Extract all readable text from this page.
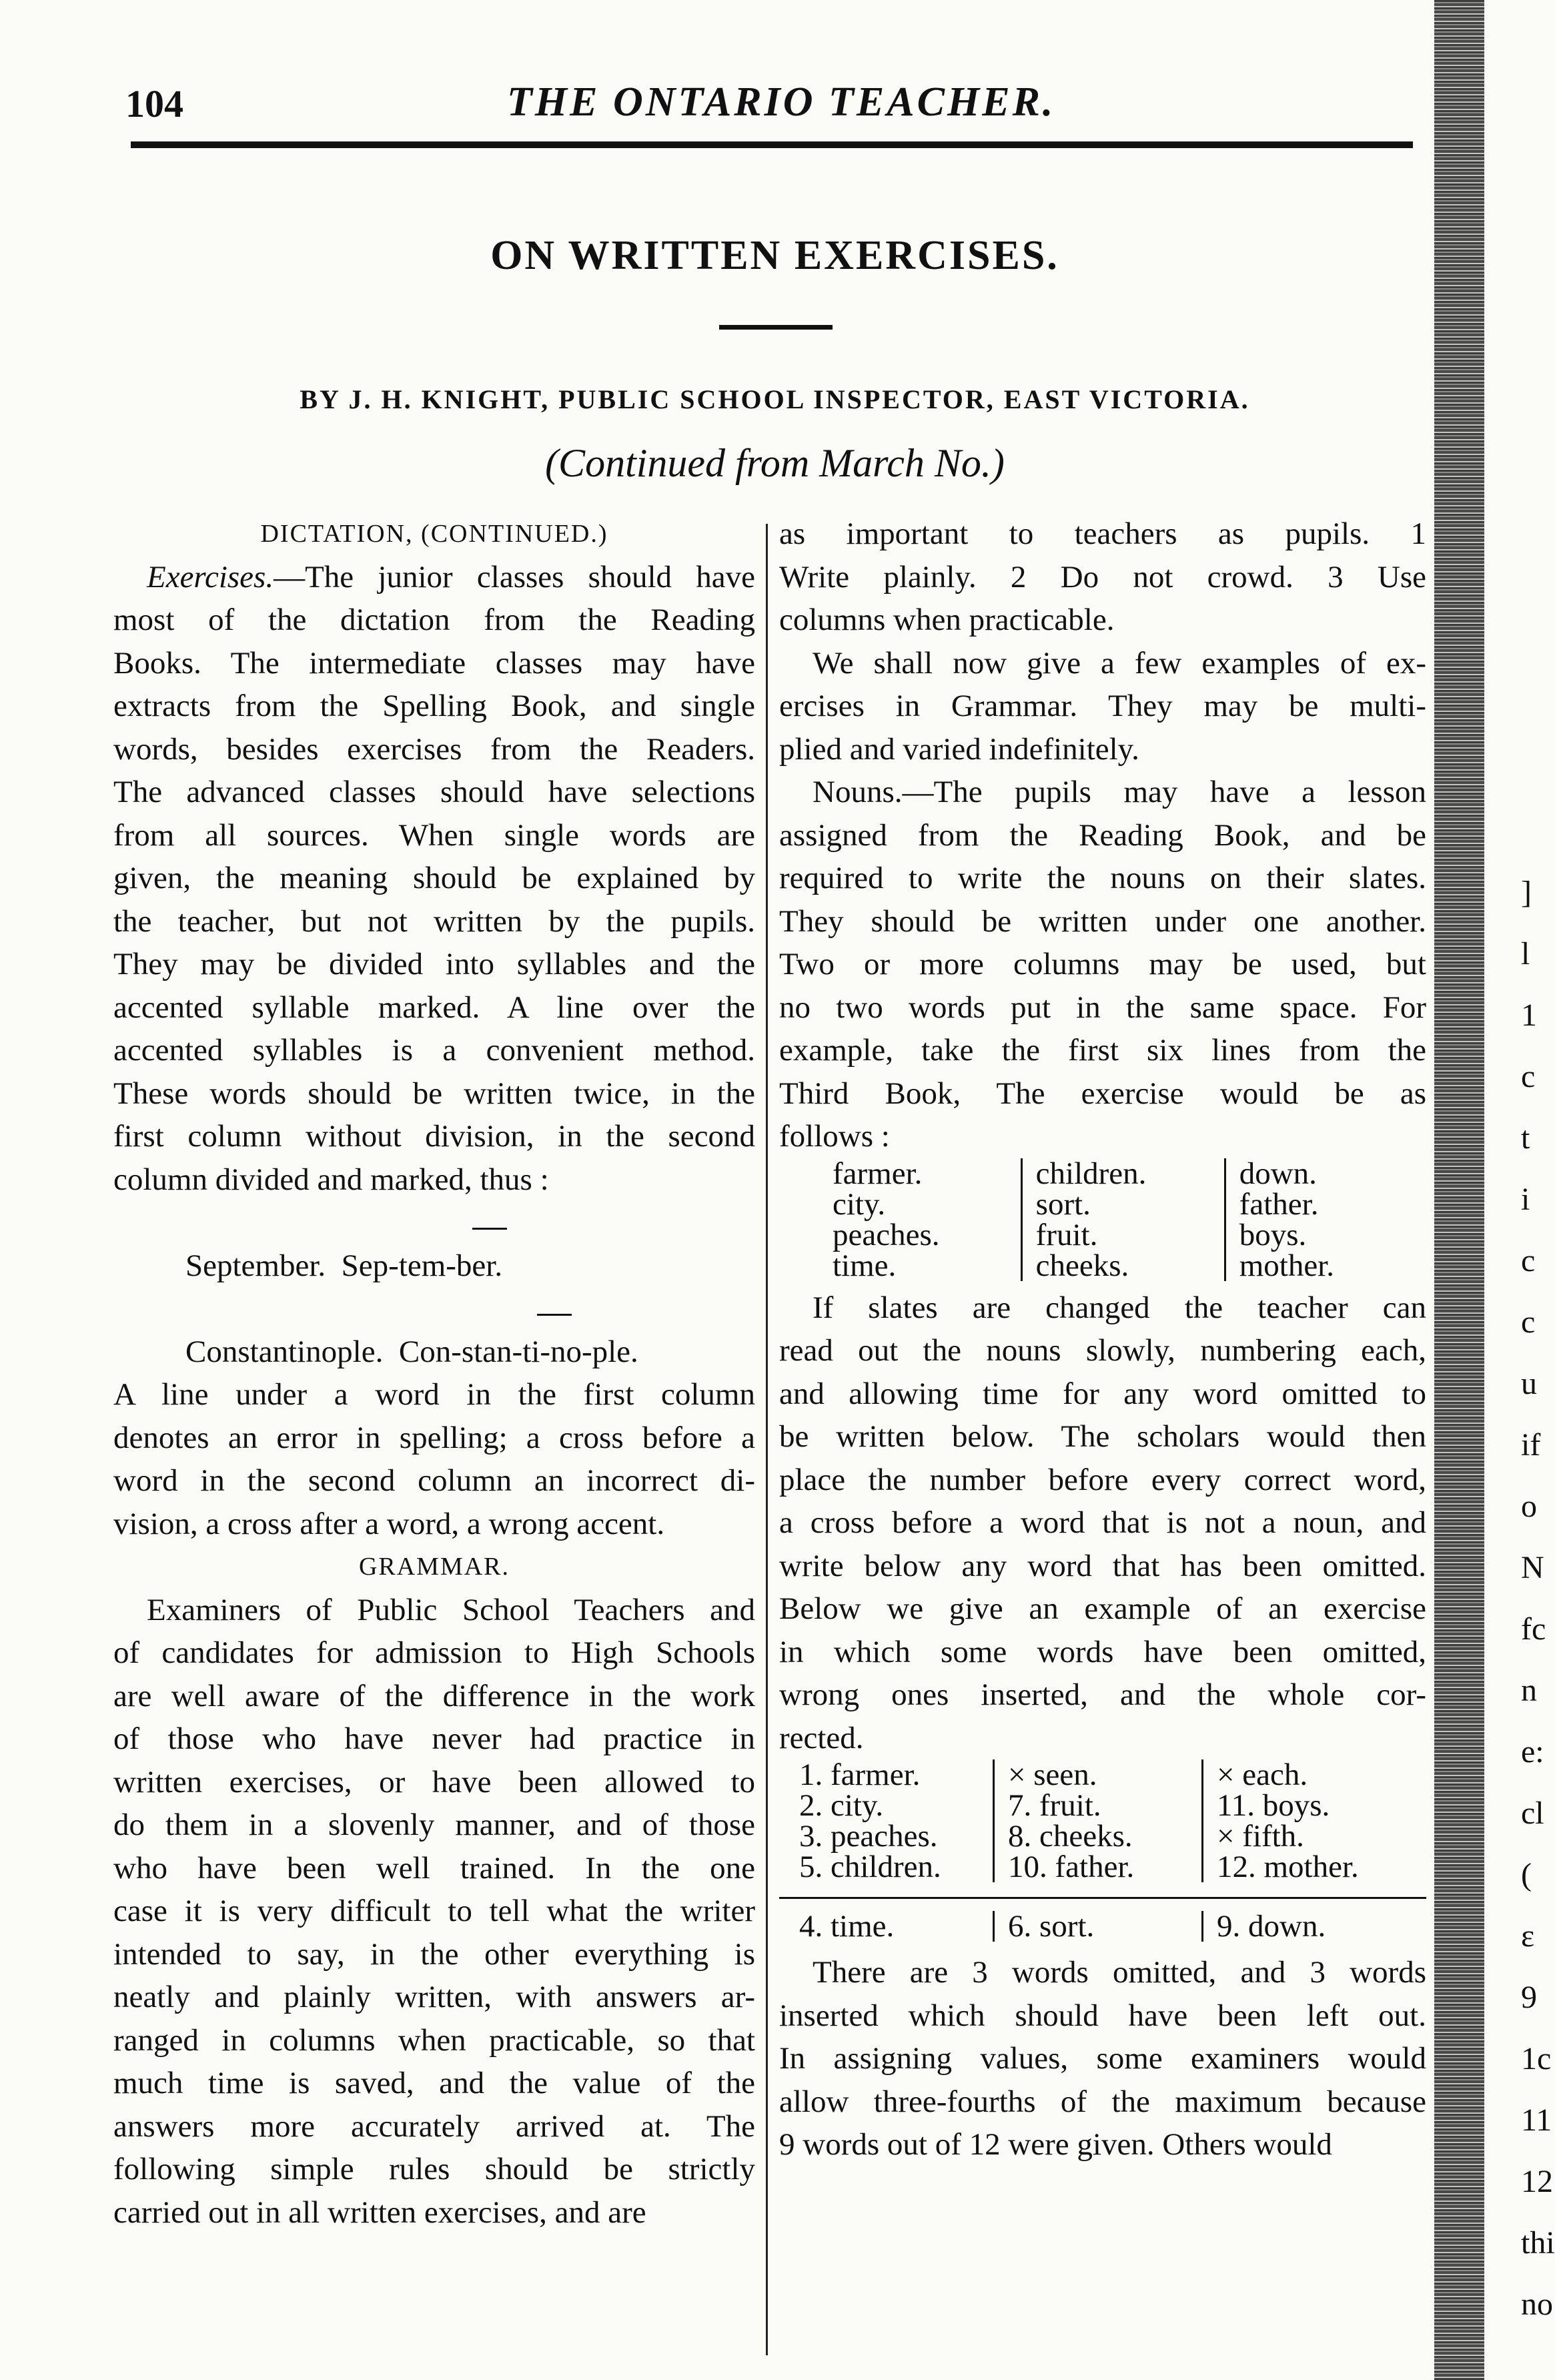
104	THE ONTARIO TEACHER.
ON WRITTEN EXERCISES.
BY J. H. KNIGHT, PUBLIC SCHOOL INSPECTOR, EAST VICTORIA.
(Continued from March No.)
DICTATION, (CONTINUED.)
Exercises.—The junior classes should have
most of the dictation from the Reading
Books. The intermediate classes may have
extracts from the Spelling Book, and single
words, besides exercises from the Readers.
The advanced classes should have selections
from all sources. When single words are
given, the meaning should be explained by
the teacher, but not written by the pupils.
They may be divided into syllables and the
accented syllable marked. A line over the
accented syllables is a convenient method.
These words should be written twice, in the
first column without division, in the second
column divided and marked, thus :
September. Sep-tem-ber.
Constantinople. Con-stan-ti-no-ple.
A line under a word in the first column
denotes an error in spelling; a cross before a
word in the second column an incorrect di-
vision, a cross after a word, a wrong accent.
GRAMMAR.
Examiners of Public School Teachers and
of candidates for admission to High Schools
are well aware of the difference in the work
of those who have never had practice in
written exercises, or have been allowed to
do them in a slovenly manner, and of those
who have been well trained. In the one
case it is very difficult to tell what the writer
intended to say, in the other everything is
neatly and plainly written, with answers ar-
ranged in columns when practicable, so that
much time is saved, and the value of the
answers more accurately arrived at. The
following simple rules should be strictly
carried out in all written exercises, and are
as important to teachers as pupils. 1
Write plainly. 2 Do not crowd. 3 Use
columns when practicable.
We shall now give a few examples of ex-
ercises in Grammar. They may be multi-
plied and varied indefinitely.
Nouns.—The pupils may have a lesson
assigned from the Reading Book, and be
required to write the nouns on their slates.
They should be written under one another.
Two or more columns may be used, but
no two words put in the same space. For
example, take the first six lines from the
Third Book, The exercise would be as
follows :
farmer.	children.	down.
city.	sort.	father.
peaches.	fruit.	boys.
time.	cheeks.	mother.
If slates are changed the teacher can
read out the nouns slowly, numbering each,
and allowing time for any word omitted to
be written below. The scholars would then
place the number before every correct word,
a cross before a word that is not a noun, and
write below any word that has been omitted.
Below we give an example of an exercise
in which some words have been omitted,
wrong ones inserted, and the whole cor-
rected.
1. farmer.	× seen.	× each.
2. city.	7. fruit.	11. boys.
3. peaches.	8. cheeks.	× fifth.
5. children.	10. father.	12. mother.
4. time.	6. sort.	9. down.
There are 3 words omitted, and 3 words
inserted which should have been left out.
In assigning values, some examiners would
allow three-fourths of the maximum because
9 words out of 12 were given. Others would
]
l
1
c
t
i
c
c
u
if
o
N
fc
n
e:
cl
(
ɛ
9
1c
11
12
thi
no
